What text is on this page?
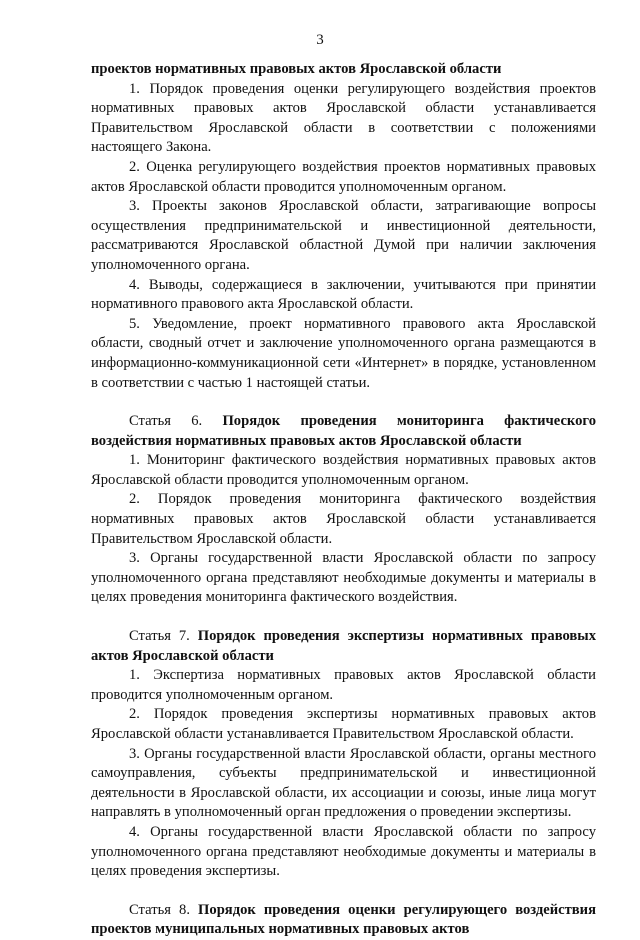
3

проектов нормативных правовых актов Ярославской области

1. Порядок проведения оценки регулирующего воздействия проектов нормативных правовых актов Ярославской области устанавливается Правительством Ярославской области в соответствии с положениями настоящего Закона.

2. Оценка регулирующего воздействия проектов нормативных правовых актов Ярославской области проводится уполномоченным органом.

3. Проекты законов Ярославской области, затрагивающие вопросы осуществления предпринимательской и инвестиционной деятельности, рассматриваются Ярославской областной Думой при наличии заключения уполномоченного органа.

4. Выводы, содержащиеся в заключении, учитываются при принятии нормативного правового акта Ярославской области.

5. Уведомление, проект нормативного правового акта Ярославской области, сводный отчет и заключение уполномоченного органа размещаются в информационно-коммуникационной сети «Интернет» в порядке, установленном в соответствии с частью 1 настоящей статьи.

Статья 6. Порядок проведения мониторинга фактического воздействия нормативных правовых актов Ярославской области

1. Мониторинг фактического воздействия нормативных правовых актов Ярославской области проводится уполномоченным органом.

2. Порядок проведения мониторинга фактического воздействия нормативных правовых актов Ярославской области устанавливается Правительством Ярославской области.

3. Органы государственной власти Ярославской области по запросу уполномоченного органа представляют необходимые документы и материалы в целях проведения мониторинга фактического воздействия.

Статья 7. Порядок проведения экспертизы нормативных правовых актов Ярославской области

1. Экспертиза нормативных правовых актов Ярославской области проводится уполномоченным органом.

2. Порядок проведения экспертизы нормативных правовых актов Ярославской области устанавливается Правительством Ярославской области.

3. Органы государственной власти Ярославской области, органы местного самоуправления, субъекты предпринимательской и инвестиционной деятельности в Ярославской области, их ассоциации и союзы, иные лица могут направлять в уполномоченный орган предложения о проведении экспертизы.

4. Органы государственной власти Ярославской области по запросу уполномоченного органа представляют необходимые документы и материалы в целях проведения экспертизы.

Статья 8. Порядок проведения оценки регулирующего воздействия проектов муниципальных нормативных правовых актов
